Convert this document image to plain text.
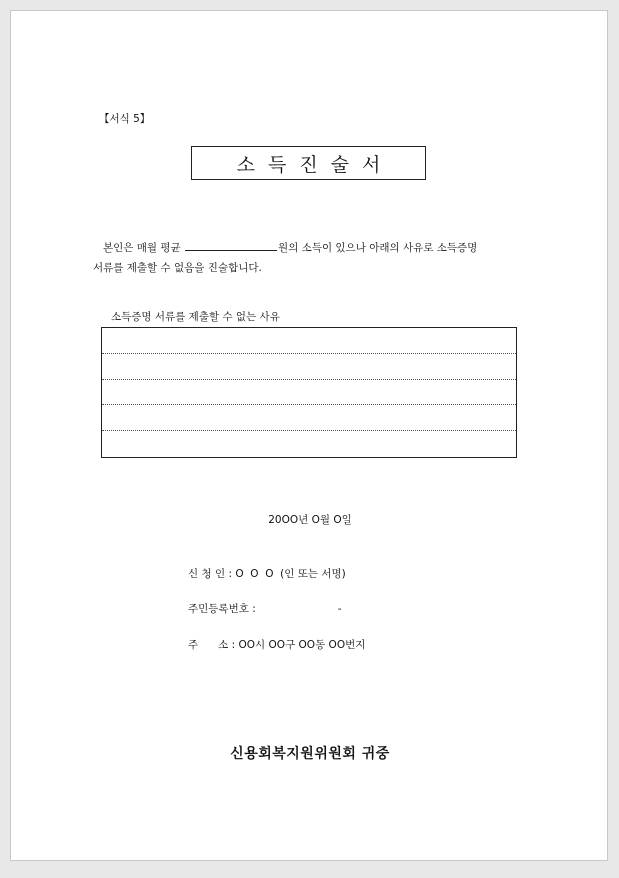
【서식 5】
소득진술서
본인은 매월 평균	원의 소득이 있으나 아래의 사유로 소득증명
서류를 제출할 수 없음을 진술합니다.
소득증명 서류를 제출할 수 없는 사유
20OO년 O월 O일
신 청 인 : O  O  O  (인 또는 서명)
주민등록번호 :	-
주      소 : OO시 OO구 OO동 OO번지
신용회복지원위원회 귀중
